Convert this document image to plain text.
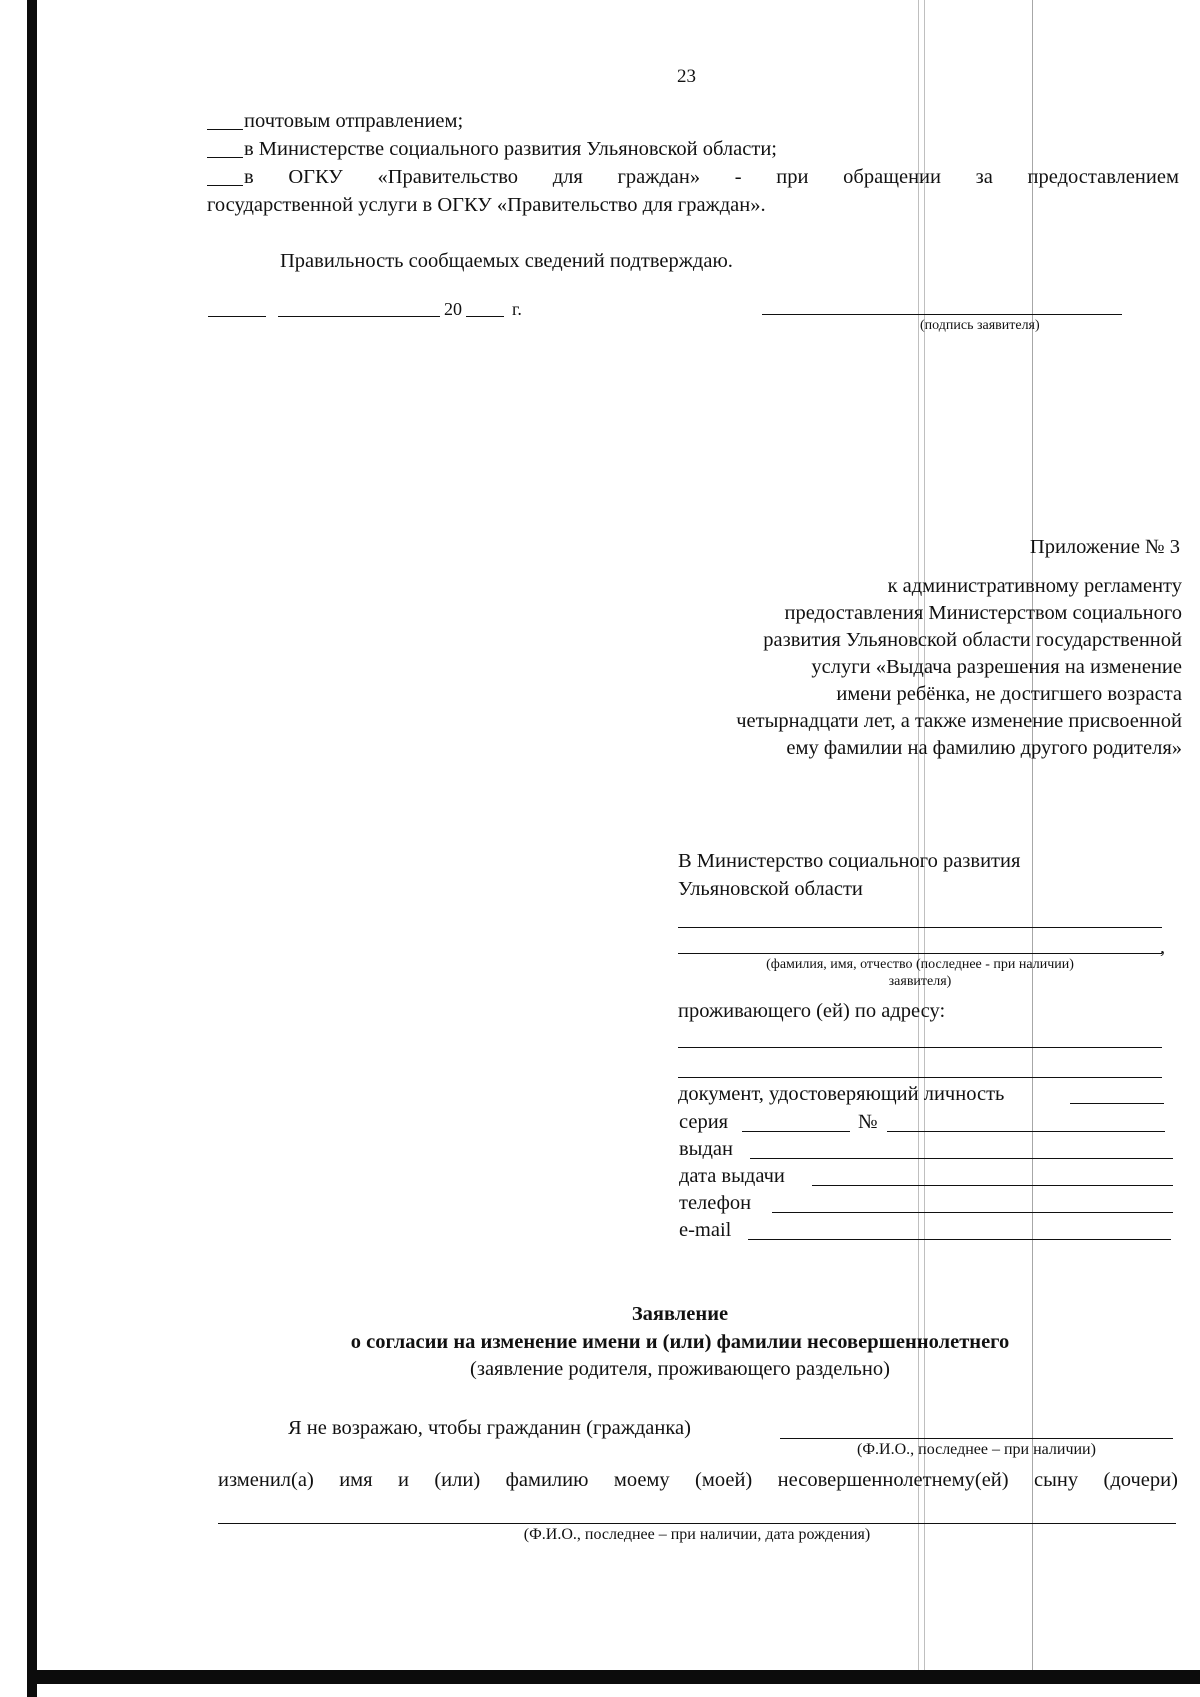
23
почтовым отправлением;
в Министерстве социального развития Ульяновской области;
в ОГКУ «Правительство для граждан» - при обращении за предоставлением
государственной услуги в ОГКУ «Правительство для граждан».
Правильность сообщаемых сведений подтверждаю.
20	г.
(подпись заявителя)
Приложение № 3
к административному регламенту
предоставления Министерством социального
развития Ульяновской области государственной
услуги «Выдача разрешения на изменение
имени ребёнка, не достигшего возраста
четырнадцати лет, а также изменение присвоенной
ему фамилии на фамилию другого родителя»
В Министерство социального развития
Ульяновской области
,
(фамилия, имя, отчество (последнее - при наличии)
заявителя)
проживающего (ей) по адресу:
документ, удостоверяющий личность
серия	№
выдан
дата выдачи
телефон
e-mail
Заявление
о согласии на изменение имени и (или) фамилии несовершеннолетнего
(заявление родителя, проживающего раздельно)
Я не возражаю, чтобы гражданин (гражданка)
(Ф.И.О., последнее – при наличии)
изменил(а) имя и (или) фамилию моему (моей) несовершеннолетнему(ей) сыну (дочери)
(Ф.И.О., последнее – при наличии, дата рождения)
